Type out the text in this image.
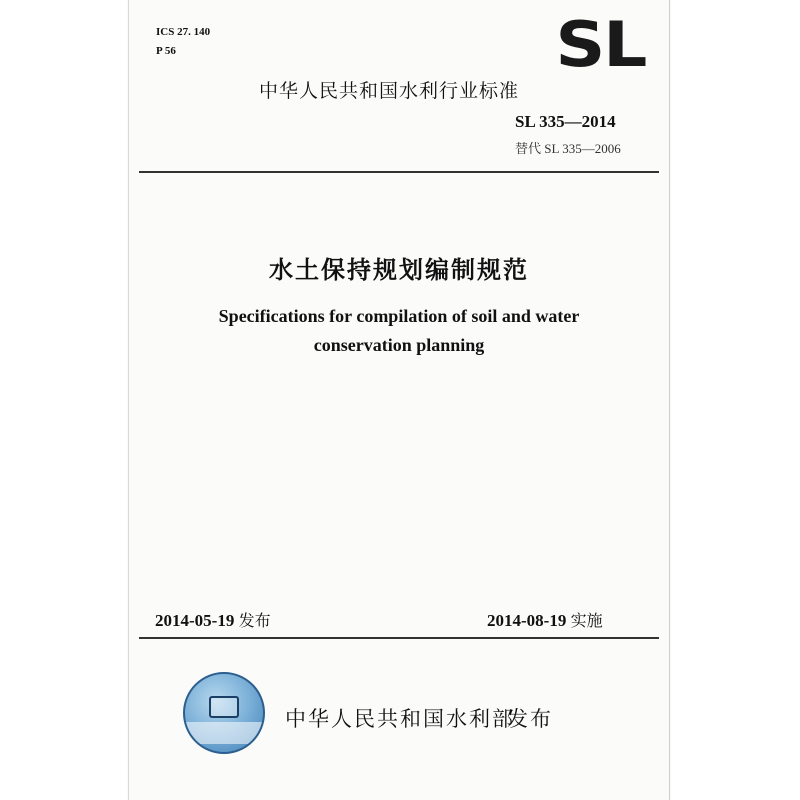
ICS 27. 140

P 56	SL

中华人民共和国水利行业标准

SL 335—2014

替代 SL 335—2006

水土保持规划编制规范
Specifications for compilation of soil and water
conservation planning

2014-05-19 发布	2014-08-19 实施

中华人民共和国水利部

发布
